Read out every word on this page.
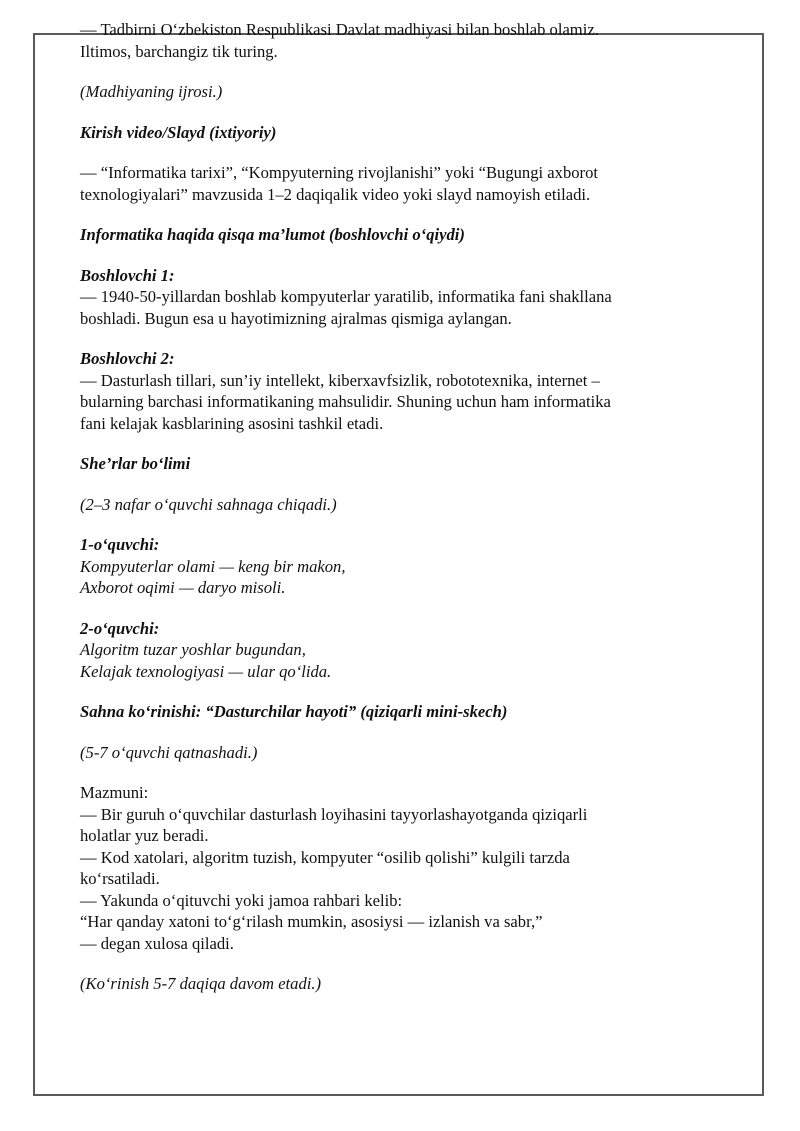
— Tadbirni O‘zbekiston Respublikasi Davlat madhiyasi bilan boshlab olamiz.
Iltimos, barchangiz tik turing.

(Madhiyaning ijrosi.)

Kirish video/Slayd (ixtiyoriy)

— “Informatika tarixi”, “Kompyuterning rivojlanishi” yoki “Bugungi axborot
texnologiyalari” mavzusida 1–2 daqiqalik video yoki slayd namoyish etiladi.

Informatika haqida qisqa ma’lumot (boshlovchi o‘qiydi)

Boshlovchi 1:
— 1940-50-yillardan boshlab kompyuterlar yaratilib, informatika fani shakllana
boshladi. Bugun esa u hayotimizning ajralmas qismiga aylangan.

Boshlovchi 2:
— Dasturlash tillari, sun’iy intellekt, kiberxavfsizlik, robototexnika, internet –
bularning barchasi informatikaning mahsulidir. Shuning uchun ham informatika
fani kelajak kasblarining asosini tashkil etadi.

She’rlar bo‘limi

(2–3 nafar o‘quvchi sahnaga chiqadi.)

1-o‘quvchi:
Kompyuterlar olami — keng bir makon,
Axborot oqimi — daryo misoli.

2-o‘quvchi:
Algoritm tuzar yoshlar bugundan,
Kelajak texnologiyasi — ular qo‘lida.

Sahna ko‘rinishi: “Dasturchilar hayoti” (qiziqarli mini-skech)

(5-7 o‘quvchi qatnashadi.)

Mazmuni:
— Bir guruh o‘quvchilar dasturlash loyihasini tayyorlashayotganda qiziqarli
holatlar yuz beradi.
— Kod xatolari, algoritm tuzish, kompyuter “osilib qolishi” kulgili tarzda
ko‘rsatiladi.
— Yakunda o‘qituvchi yoki jamoa rahbari kelib:
“Har qanday xatoni to‘g‘rilash mumkin, asosiysi — izlanish va sabr,”
— degan xulosa qiladi.

(Ko‘rinish 5-7 daqiqa davom etadi.)
